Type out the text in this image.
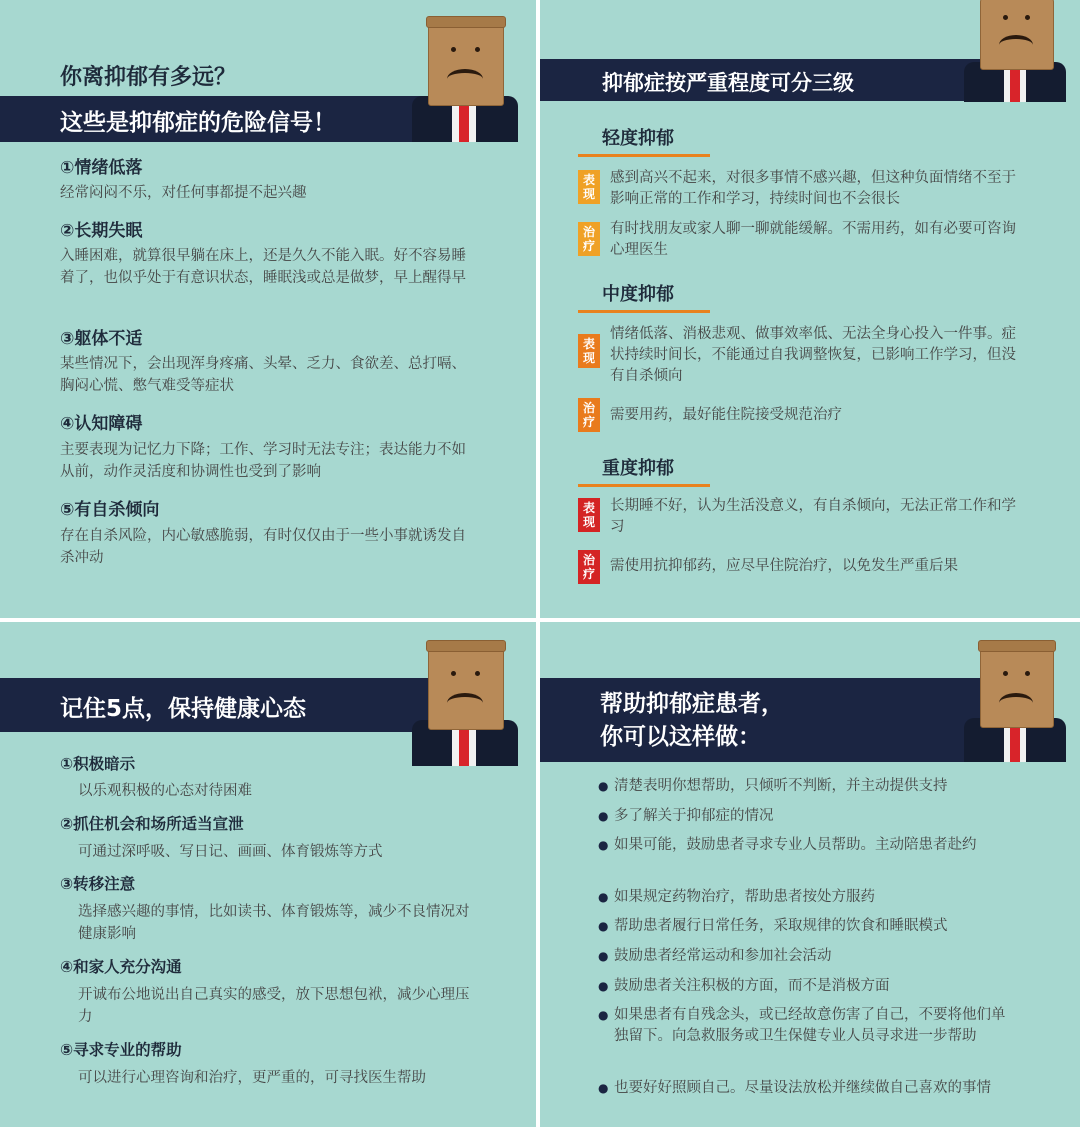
你离抑郁有多远？
这些是抑郁症的危险信号！
①情绪低落
经常闷闷不乐，对任何事都提不起兴趣
②长期失眠
入睡困难，就算很早躺在床上，还是久久不能入眠。好不容易睡着了，也似乎处于有意识状态，睡眠浅或总是做梦，早上醒得早
③躯体不适
某些情况下，会出现浑身疼痛、头晕、乏力、食欲差、总打嗝、胸闷心慌、憋气难受等症状
④认知障碍
主要表现为记忆力下降；工作、学习时无法专注；表达能力不如从前，动作灵活度和协调性也受到了影响
⑤有自杀倾向
存在自杀风险，内心敏感脆弱，有时仅仅由于一些小事就诱发自杀冲动
抑郁症按严重程度可分三级
轻度抑郁
表现
感到高兴不起来，对很多事情不感兴趣，但这种负面情绪不至于影响正常的工作和学习，持续时间也不会很长
治疗
有时找朋友或家人聊一聊就能缓解。不需用药，如有必要可咨询心理医生
中度抑郁
表现
情绪低落、消极悲观、做事效率低、无法全身心投入一件事。症状持续时间长，不能通过自我调整恢复，已影响工作学习，但没有自杀倾向
治疗	需要用药，最好能住院接受规范治疗
重度抑郁
表现
长期睡不好，认为生活没意义，有自杀倾向，无法正常工作和学习
治疗	需使用抗抑郁药，应尽早住院治疗，以免发生严重后果
记住5点，保持健康心态
①积极暗示
以乐观积极的心态对待困难
②抓住机会和场所适当宣泄
可通过深呼吸、写日记、画画、体育锻炼等方式
③转移注意
选择感兴趣的事情，比如读书、体育锻炼等，减少不良情况对健康影响
④和家人充分沟通
开诚布公地说出自己真实的感受，放下思想包袱，减少心理压力
⑤寻求专业的帮助
可以进行心理咨询和治疗，更严重的，可寻找医生帮助
帮助抑郁症患者，
你可以这样做：
● 清楚表明你想帮助，只倾听不判断，并主动提供支持
● 多了解关于抑郁症的情况
● 如果可能，鼓励患者寻求专业人员帮助。主动陪患者赴约
● 如果规定药物治疗，帮助患者按处方服药
● 帮助患者履行日常任务，采取规律的饮食和睡眠模式
● 鼓励患者经常运动和参加社会活动
● 鼓励患者关注积极的方面，而不是消极方面
● 如果患者有自残念头，或已经故意伤害了自己，不要将他们单独留下。向急救服务或卫生保健专业人员寻求进一步帮助
● 也要好好照顾自己。尽量设法放松并继续做自己喜欢的事情
